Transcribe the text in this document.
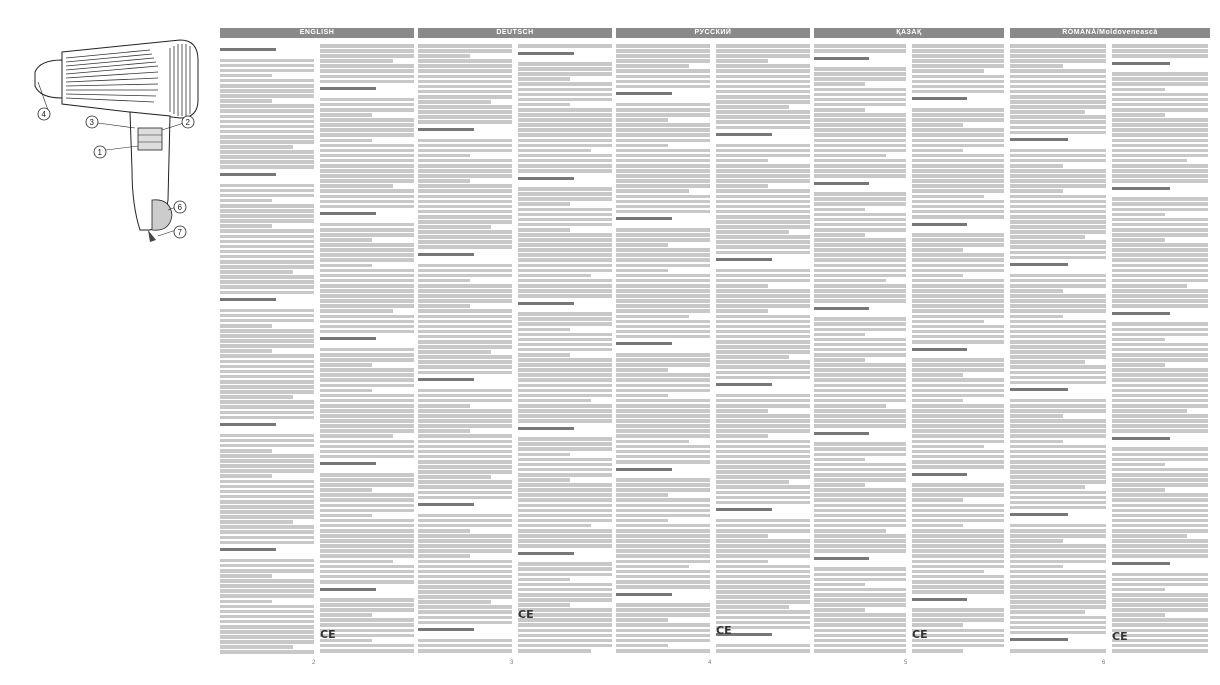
4
3	2
1
6
7
ENGLISH
CE
2
DEUTSCH
CE
3
РУССКИЙ
CE
4
ҚАЗАҚ
CE
5
ROMÂNĂ/Moldovenească
CE
6
